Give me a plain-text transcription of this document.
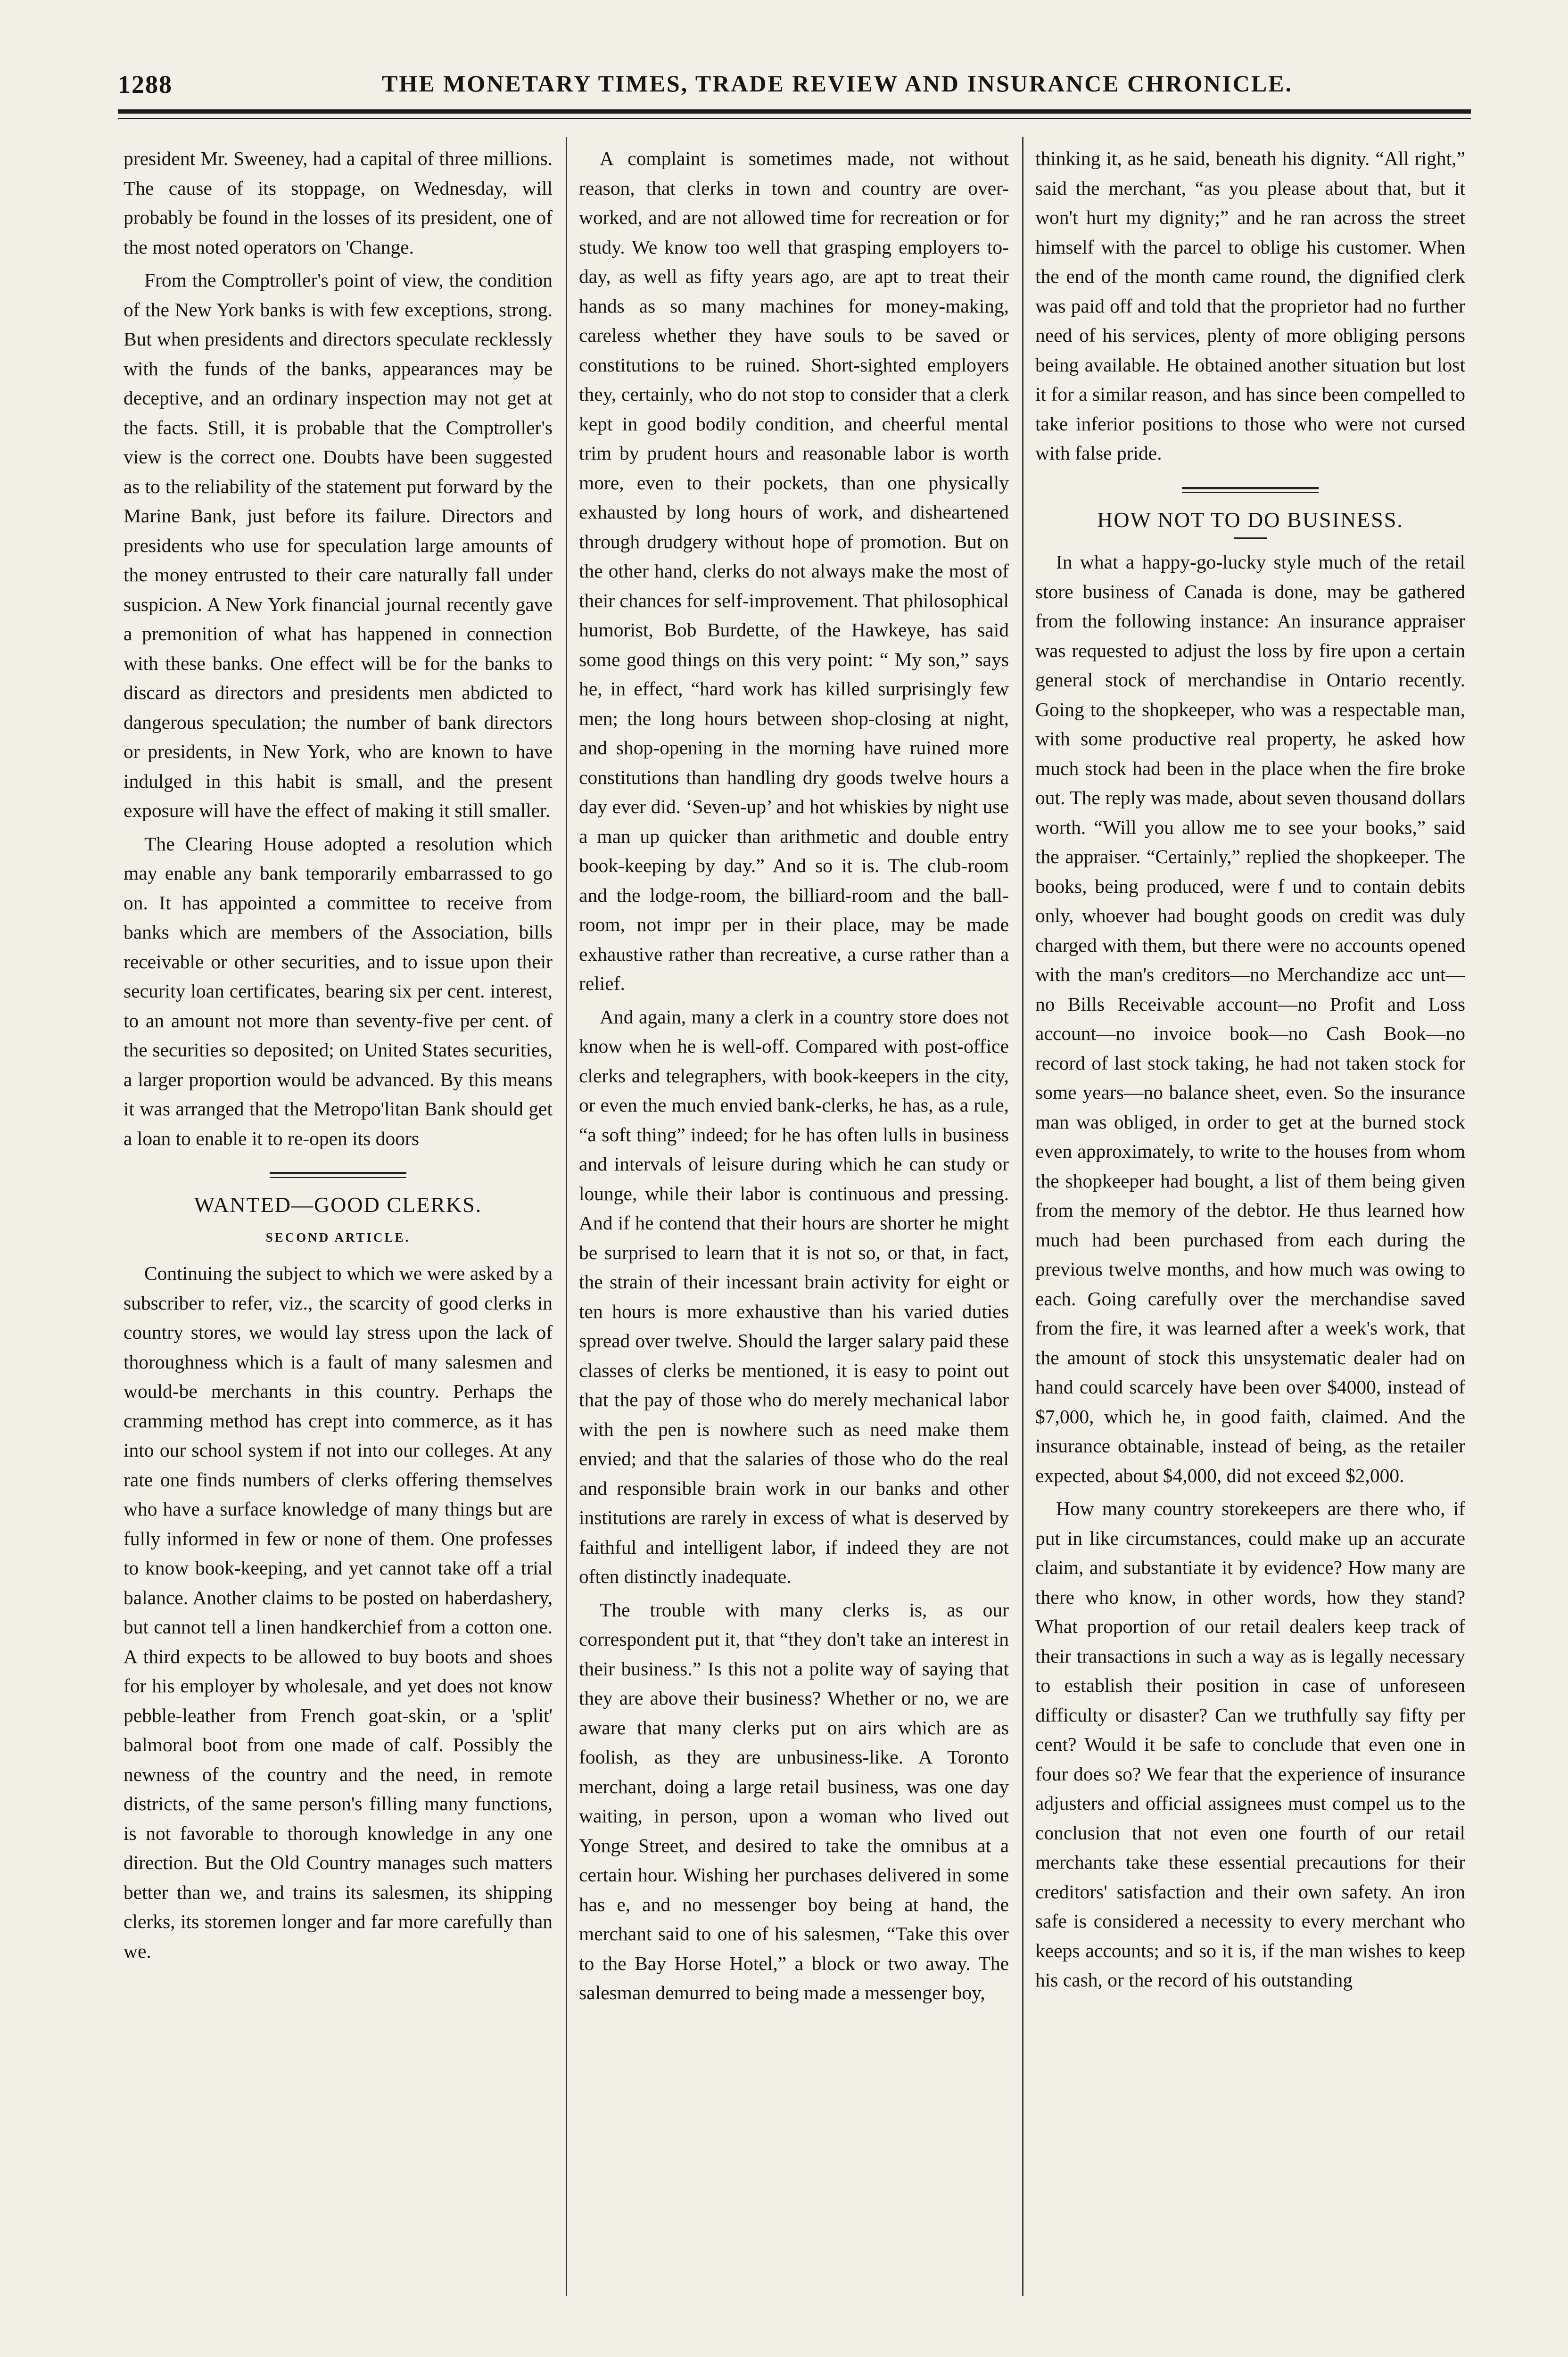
1288	THE MONETARY TIMES, TRADE REVIEW AND INSURANCE CHRONICLE.

president Mr. Sweeney, had a capital of three millions. The cause of its stoppage, on Wednesday, will probably be found in the losses of its president, one of the most noted operators on 'Change.

From the Comptroller's point of view, the condition of the New York banks is with few exceptions, strong. But when presidents and directors speculate recklessly with the funds of the banks, appearances may be deceptive, and an ordinary inspection may not get at the facts. Still, it is probable that the Comptroller's view is the correct one. Doubts have been suggested as to the reliability of the statement put forward by the Marine Bank, just before its failure. Directors and presidents who use for speculation large amounts of the money entrusted to their care naturally fall under suspicion. A New York financial journal recently gave a premonition of what has happened in connection with these banks. One effect will be for the banks to discard as directors and presidents men abdicted to dangerous speculation; the number of bank directors or presidents, in New York, who are known to have indulged in this habit is small, and the present exposure will have the effect of making it still smaller.

The Clearing House adopted a resolution which may enable any bank temporarily embarrassed to go on. It has appointed a committee to receive from banks which are members of the Association, bills receivable or other securities, and to issue upon their security loan certificates, bearing six per cent. interest, to an amount not more than seventy-five per cent. of the securities so deposited; on United States securities, a larger proportion would be advanced. By this means it was arranged that the Metropo'litan Bank should get a loan to enable it to re-open its doors

WANTED—GOOD CLERKS.
SECOND ARTICLE.

Continuing the subject to which we were asked by a subscriber to refer, viz., the scarcity of good clerks in country stores, we would lay stress upon the lack of thoroughness which is a fault of many salesmen and would-be merchants in this country. Perhaps the cramming method has crept into commerce, as it has into our school system if not into our colleges. At any rate one finds numbers of clerks offering themselves who have a surface knowledge of many things but are fully informed in few or none of them. One professes to know book-keeping, and yet cannot take off a trial balance. Another claims to be posted on haberdashery, but cannot tell a linen handkerchief from a cotton one. A third expects to be allowed to buy boots and shoes for his employer by wholesale, and yet does not know pebble-leather from French goat-skin, or a 'split' balmoral boot from one made of calf. Possibly the newness of the country and the need, in remote districts, of the same person's filling many functions, is not favorable to thorough knowledge in any one direction. But the Old Country manages such matters better than we, and trains its salesmen, its shipping clerks, its storemen longer and far more carefully than we.

A complaint is sometimes made, not without reason, that clerks in town and country are over-worked, and are not allowed time for recreation or for study. We know too well that grasping employers to-day, as well as fifty years ago, are apt to treat their hands as so many machines for money-making, careless whether they have souls to be saved or constitutions to be ruined. Short-sighted employers they, certainly, who do not stop to consider that a clerk kept in good bodily condition, and cheerful mental trim by prudent hours and reasonable labor is worth more, even to their pockets, than one physically exhausted by long hours of work, and disheartened through drudgery without hope of promotion. But on the other hand, clerks do not always make the most of their chances for self-improvement. That philosophical humorist, Bob Burdette, of the Hawkeye, has said some good things on this very point: “ My son,” says he, in effect, “hard work has killed surprisingly few men; the long hours between shop-closing at night, and shop-opening in the morning have ruined more constitutions than handling dry goods twelve hours a day ever did. ‘Seven-up’ and hot whiskies by night use a man up quicker than arithmetic and double entry book-keeping by day.” And so it is. The club-room and the lodge-room, the billiard-room and the ball-room, not impr per in their place, may be made exhaustive rather than recreative, a curse rather than a relief.

And again, many a clerk in a country store does not know when he is well-off. Compared with post-office clerks and telegraphers, with book-keepers in the city, or even the much envied bank-clerks, he has, as a rule, “a soft thing” indeed; for he has often lulls in business and intervals of leisure during which he can study or lounge, while their labor is continuous and pressing. And if he contend that their hours are shorter he might be surprised to learn that it is not so, or that, in fact, the strain of their incessant brain activity for eight or ten hours is more exhaustive than his varied duties spread over twelve. Should the larger salary paid these classes of clerks be mentioned, it is easy to point out that the pay of those who do merely mechanical labor with the pen is nowhere such as need make them envied; and that the salaries of those who do the real and responsible brain work in our banks and other institutions are rarely in excess of what is deserved by faithful and intelligent labor, if indeed they are not often distinctly inadequate.

The trouble with many clerks is, as our correspondent put it, that “they don't take an interest in their business.” Is this not a polite way of saying that they are above their business? Whether or no, we are aware that many clerks put on airs which are as foolish, as they are unbusiness-like. A Toronto merchant, doing a large retail business, was one day waiting, in person, upon a woman who lived out Yonge Street, and desired to take the omnibus at a certain hour. Wishing her purchases delivered in some has e, and no messenger boy being at hand, the merchant said to one of his salesmen, “Take this over to the Bay Horse Hotel,” a block or two away. The salesman demurred to being made a messenger boy,

thinking it, as he said, beneath his dignity. “All right,” said the merchant, “as you please about that, but it won't hurt my dignity;” and he ran across the street himself with the parcel to oblige his customer. When the end of the month came round, the dignified clerk was paid off and told that the proprietor had no further need of his services, plenty of more obliging persons being available. He obtained another situation but lost it for a similar reason, and has since been compelled to take inferior positions to those who were not cursed with false pride.

HOW NOT TO DO BUSINESS.

In what a happy-go-lucky style much of the retail store business of Canada is done, may be gathered from the following instance: An insurance appraiser was requested to adjust the loss by fire upon a certain general stock of merchandise in Ontario recently. Going to the shopkeeper, who was a respectable man, with some productive real property, he asked how much stock had been in the place when the fire broke out. The reply was made, about seven thousand dollars worth. “Will you allow me to see your books,” said the appraiser. “Certainly,” replied the shopkeeper. The books, being produced, were f und to contain debits only, whoever had bought goods on credit was duly charged with them, but there were no accounts opened with the man's creditors—no Merchandize acc unt—no Bills Receivable account—no Profit and Loss account—no invoice book—no Cash Book—no record of last stock taking, he had not taken stock for some years—no balance sheet, even. So the insurance man was obliged, in order to get at the burned stock even approximately, to write to the houses from whom the shopkeeper had bought, a list of them being given from the memory of the debtor. He thus learned how much had been purchased from each during the previous twelve months, and how much was owing to each. Going carefully over the merchandise saved from the fire, it was learned after a week's work, that the amount of stock this unsystematic dealer had on hand could scarcely have been over $4000, instead of $7,000, which he, in good faith, claimed. And the insurance obtainable, instead of being, as the retailer expected, about $4,000, did not exceed $2,000.

How many country storekeepers are there who, if put in like circumstances, could make up an accurate claim, and substantiate it by evidence? How many are there who know, in other words, how they stand? What proportion of our retail dealers keep track of their transactions in such a way as is legally necessary to establish their position in case of unforeseen difficulty or disaster? Can we truthfully say fifty per cent? Would it be safe to conclude that even one in four does so? We fear that the experience of insurance adjusters and official assignees must compel us to the conclusion that not even one fourth of our retail merchants take these essential precautions for their creditors' satisfaction and their own safety. An iron safe is considered a necessity to every merchant who keeps accounts; and so it is, if the man wishes to keep his cash, or the record of his outstanding
